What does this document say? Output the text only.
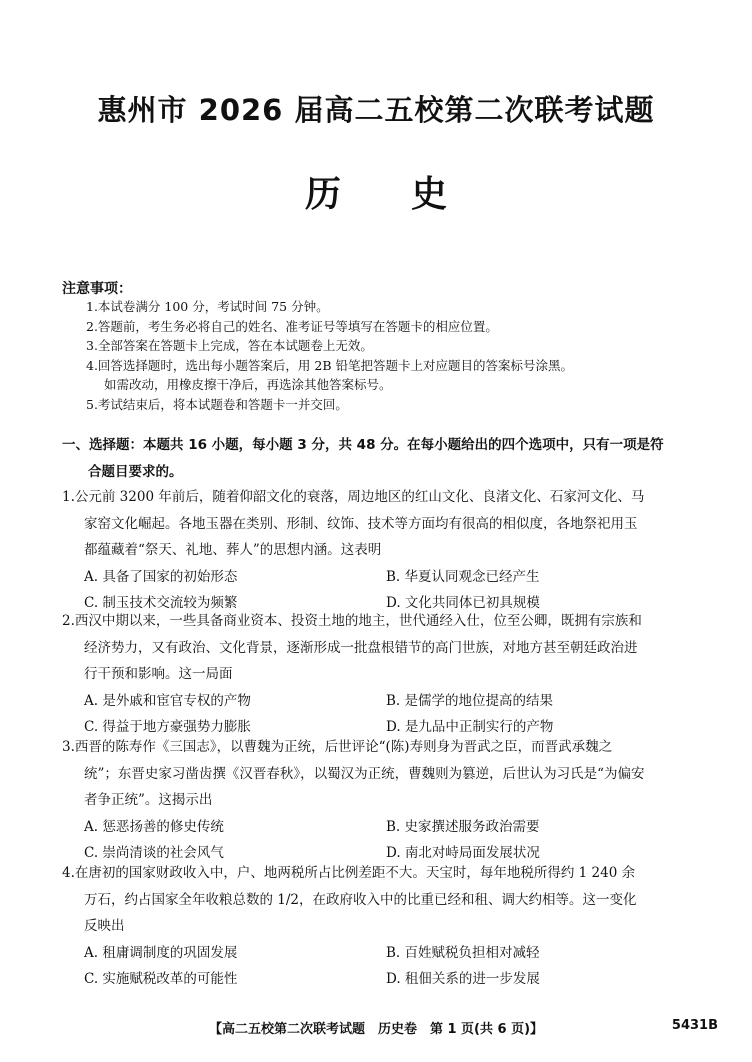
惠州市 2026 届高二五校第二次联考试题
历史
注意事项：
1.本试卷满分 100 分，考试时间 75 分钟。
2.答题前，考生务必将自己的姓名、准考证号等填写在答题卡的相应位置。
3.全部答案在答题卡上完成，答在本试题卷上无效。
4.回答选择题时，选出每小题答案后，用 2B 铅笔把答题卡上对应题目的答案标号涂黑。
如需改动，用橡皮擦干净后，再选涂其他答案标号。
5.考试结束后，将本试题卷和答题卡一并交回。
一、选择题：本题共 16 小题，每小题 3 分，共 48 分。在每小题给出的四个选项中，只有一项是符
合题目要求的。
1.公元前 3200 年前后，随着仰韶文化的衰落，周边地区的红山文化、良渚文化、石家河文化、马
家窑文化崛起。各地玉器在类别、形制、纹饰、技术等方面均有很高的相似度，各地祭祀用玉
都蕴藏着“祭天、礼地、葬人”的思想内涵。这表明
A. 具备了国家的初始形态	B. 华夏认同观念已经产生
C. 制玉技术交流较为频繁	D. 文化共同体已初具规模
2.西汉中期以来，一些具备商业资本、投资土地的地主，世代通经入仕，位至公卿，既拥有宗族和
经济势力，又有政治、文化背景，逐渐形成一批盘根错节的高门世族，对地方甚至朝廷政治进
行干预和影响。这一局面
A. 是外戚和宦官专权的产物	B. 是儒学的地位提高的结果
C. 得益于地方豪强势力膨胀	D. 是九品中正制实行的产物
3.西晋的陈寿作《三国志》，以曹魏为正统，后世评论“(陈)寿则身为晋武之臣，而晋武承魏之
统”；东晋史家习凿齿撰《汉晋春秋》，以蜀汉为正统，曹魏则为篡逆，后世认为习氏是“为偏安
者争正统”。这揭示出
A. 惩恶扬善的修史传统	B. 史家撰述服务政治需要
C. 崇尚清谈的社会风气	D. 南北对峙局面发展状况
4.在唐初的国家财政收入中，户、地两税所占比例差距不大。天宝时，每年地税所得约 1 240 余
万石，约占国家全年收粮总数的 1/2，在政府收入中的比重已经和租、调大约相等。这一变化
反映出
A. 租庸调制度的巩固发展	B. 百姓赋税负担相对减轻
C. 实施赋税改革的可能性	D. 租佃关系的进一步发展
【高二五校第二次联考试题　历史卷　第 1 页(共 6 页)】	5431B
